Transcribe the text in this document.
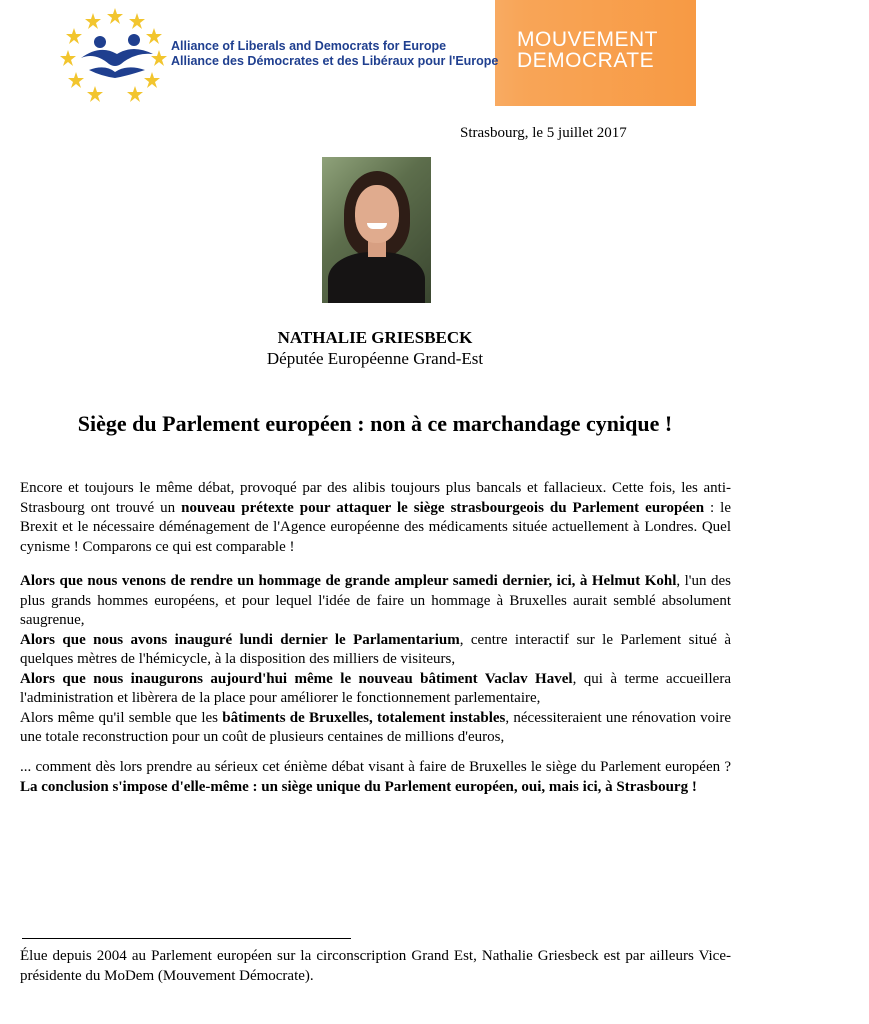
Alliance of Liberals and Democrats for Europe
Alliance des Démocrates et des Libéraux pour l'Europe
MOUVEMENT
DEMOCRATE
Strasbourg, le 5 juillet 2017
NATHALIE GRIESBECK
Députée Européenne Grand-Est
Siège du Parlement européen : non à ce marchandage cynique !
Encore et toujours le même débat, provoqué par des alibis toujours plus bancals et fallacieux. Cette fois, les anti-Strasbourg ont trouvé un nouveau prétexte pour attaquer le siège strasbourgeois du Parlement européen : le Brexit et le nécessaire déménagement de l'Agence européenne des médicaments située actuellement à Londres. Quel cynisme ! Comparons ce qui est comparable !
Alors que nous venons de rendre un hommage de grande ampleur samedi dernier, ici, à Helmut Kohl, l'un des plus grands hommes européens, et pour lequel l'idée de faire un hommage à Bruxelles aurait semblé absolument saugrenue,
Alors que nous avons inauguré lundi dernier le Parlamentarium, centre interactif sur le Parlement situé à quelques mètres de l'hémicycle, à la disposition des milliers de visiteurs,
Alors que nous inaugurons aujourd'hui même le nouveau bâtiment Vaclav Havel, qui à terme accueillera l'administration et libèrera de la place pour améliorer le fonctionnement parlementaire,
Alors même qu'il semble que les bâtiments de Bruxelles, totalement instables, nécessiteraient une rénovation voire une totale reconstruction pour un coût de plusieurs centaines de millions d'euros,
... comment dès lors prendre au sérieux cet énième débat visant à faire de Bruxelles le siège du Parlement européen ? La conclusion s'impose d'elle-même : un siège unique du Parlement européen, oui, mais ici, à Strasbourg !
Élue depuis 2004 au Parlement européen sur la circonscription Grand Est, Nathalie Griesbeck est par ailleurs Vice-présidente du MoDem (Mouvement Démocrate).
